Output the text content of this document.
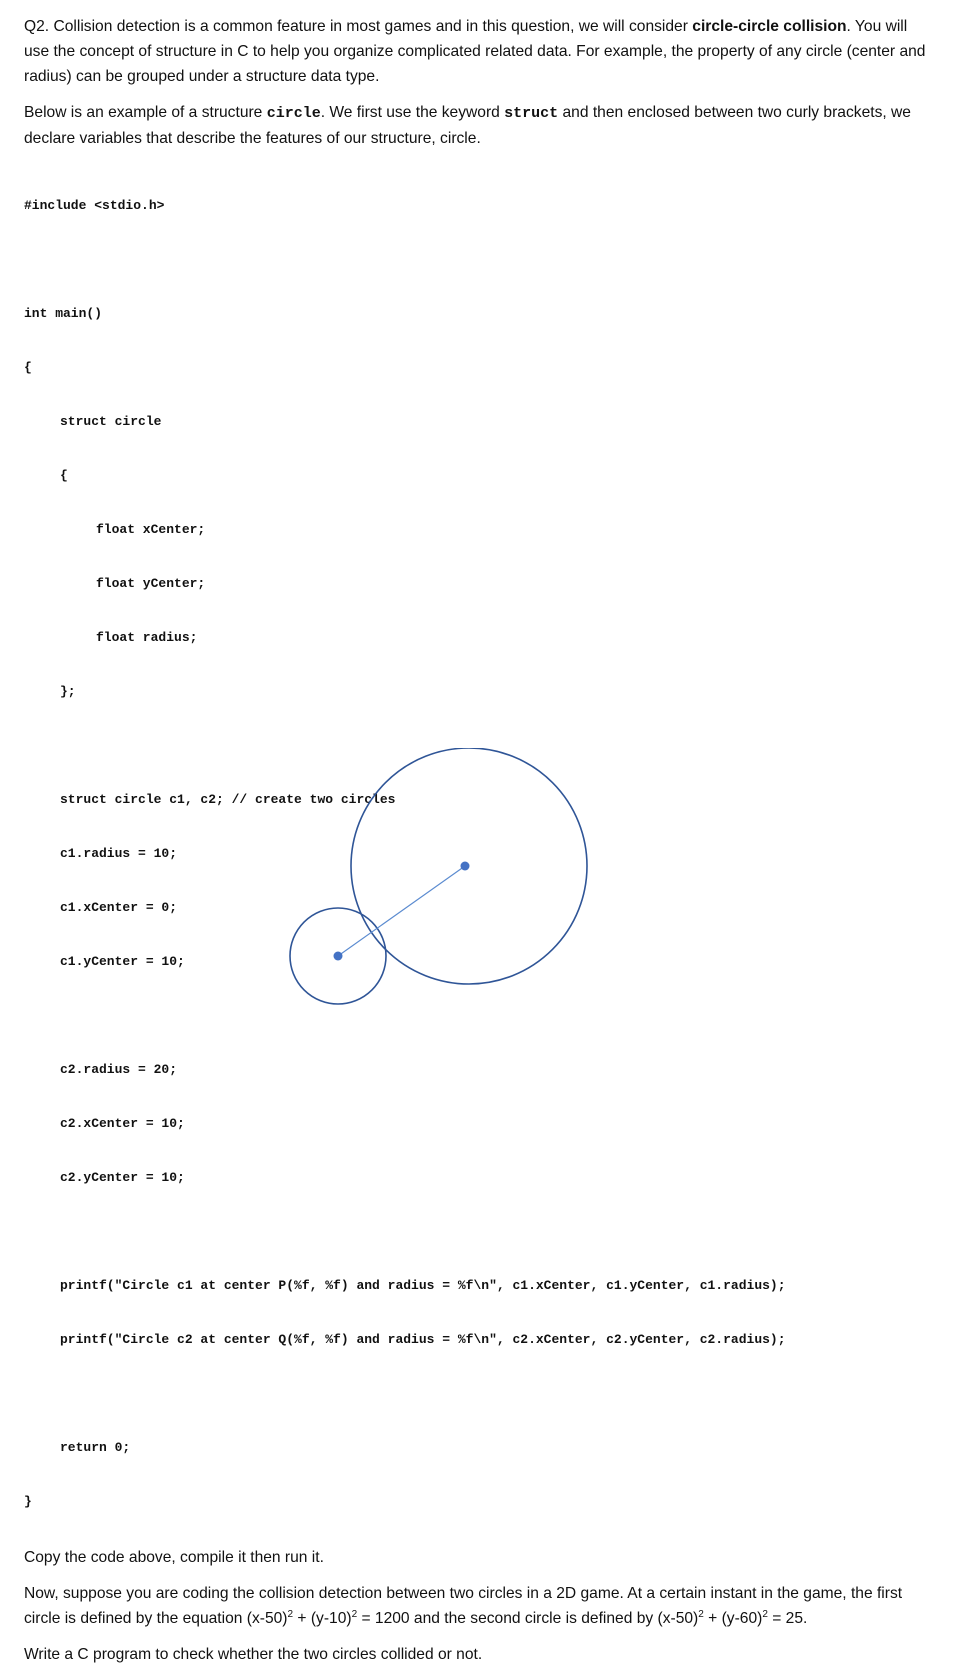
Q2. Collision detection is a common feature in most games and in this question, we will consider circle-circle collision. You will use the concept of structure in C to help you organize complicated related data. For example, the property of any circle (center and radius) can be grouped under a structure data type.

Below is an example of a structure circle. We first use the keyword struct and then enclosed between two curly brackets, we declare variables that describe the features of our structure, circle.

#include <stdio.h>

int main()

{

struct circle

{

float xCenter;

float yCenter;

float radius;

};

struct circle c1, c2; // create two circles

c1.radius = 10;

c1.xCenter = 0;

c1.yCenter = 10;

c2.radius = 20;

c2.xCenter = 10;

c2.yCenter = 10;

printf("Circle c1 at center P(%f, %f) and radius = %f\n", c1.xCenter, c1.yCenter, c1.radius);

printf("Circle c2 at center Q(%f, %f) and radius = %f\n", c2.xCenter, c2.yCenter, c2.radius);

return 0;

}

Copy the code above, compile it then run it.

Now, suppose you are coding the collision detection between two circles in a 2D game. At a certain instant in the game, the first circle is defined by the equation $(x-50)^2 + (y-10)^2 = 1200$ and the second circle is defined by $(x-50)^2 + (y-60)^2 = 25$.

Write a C program to check whether the two circles collided or not.
